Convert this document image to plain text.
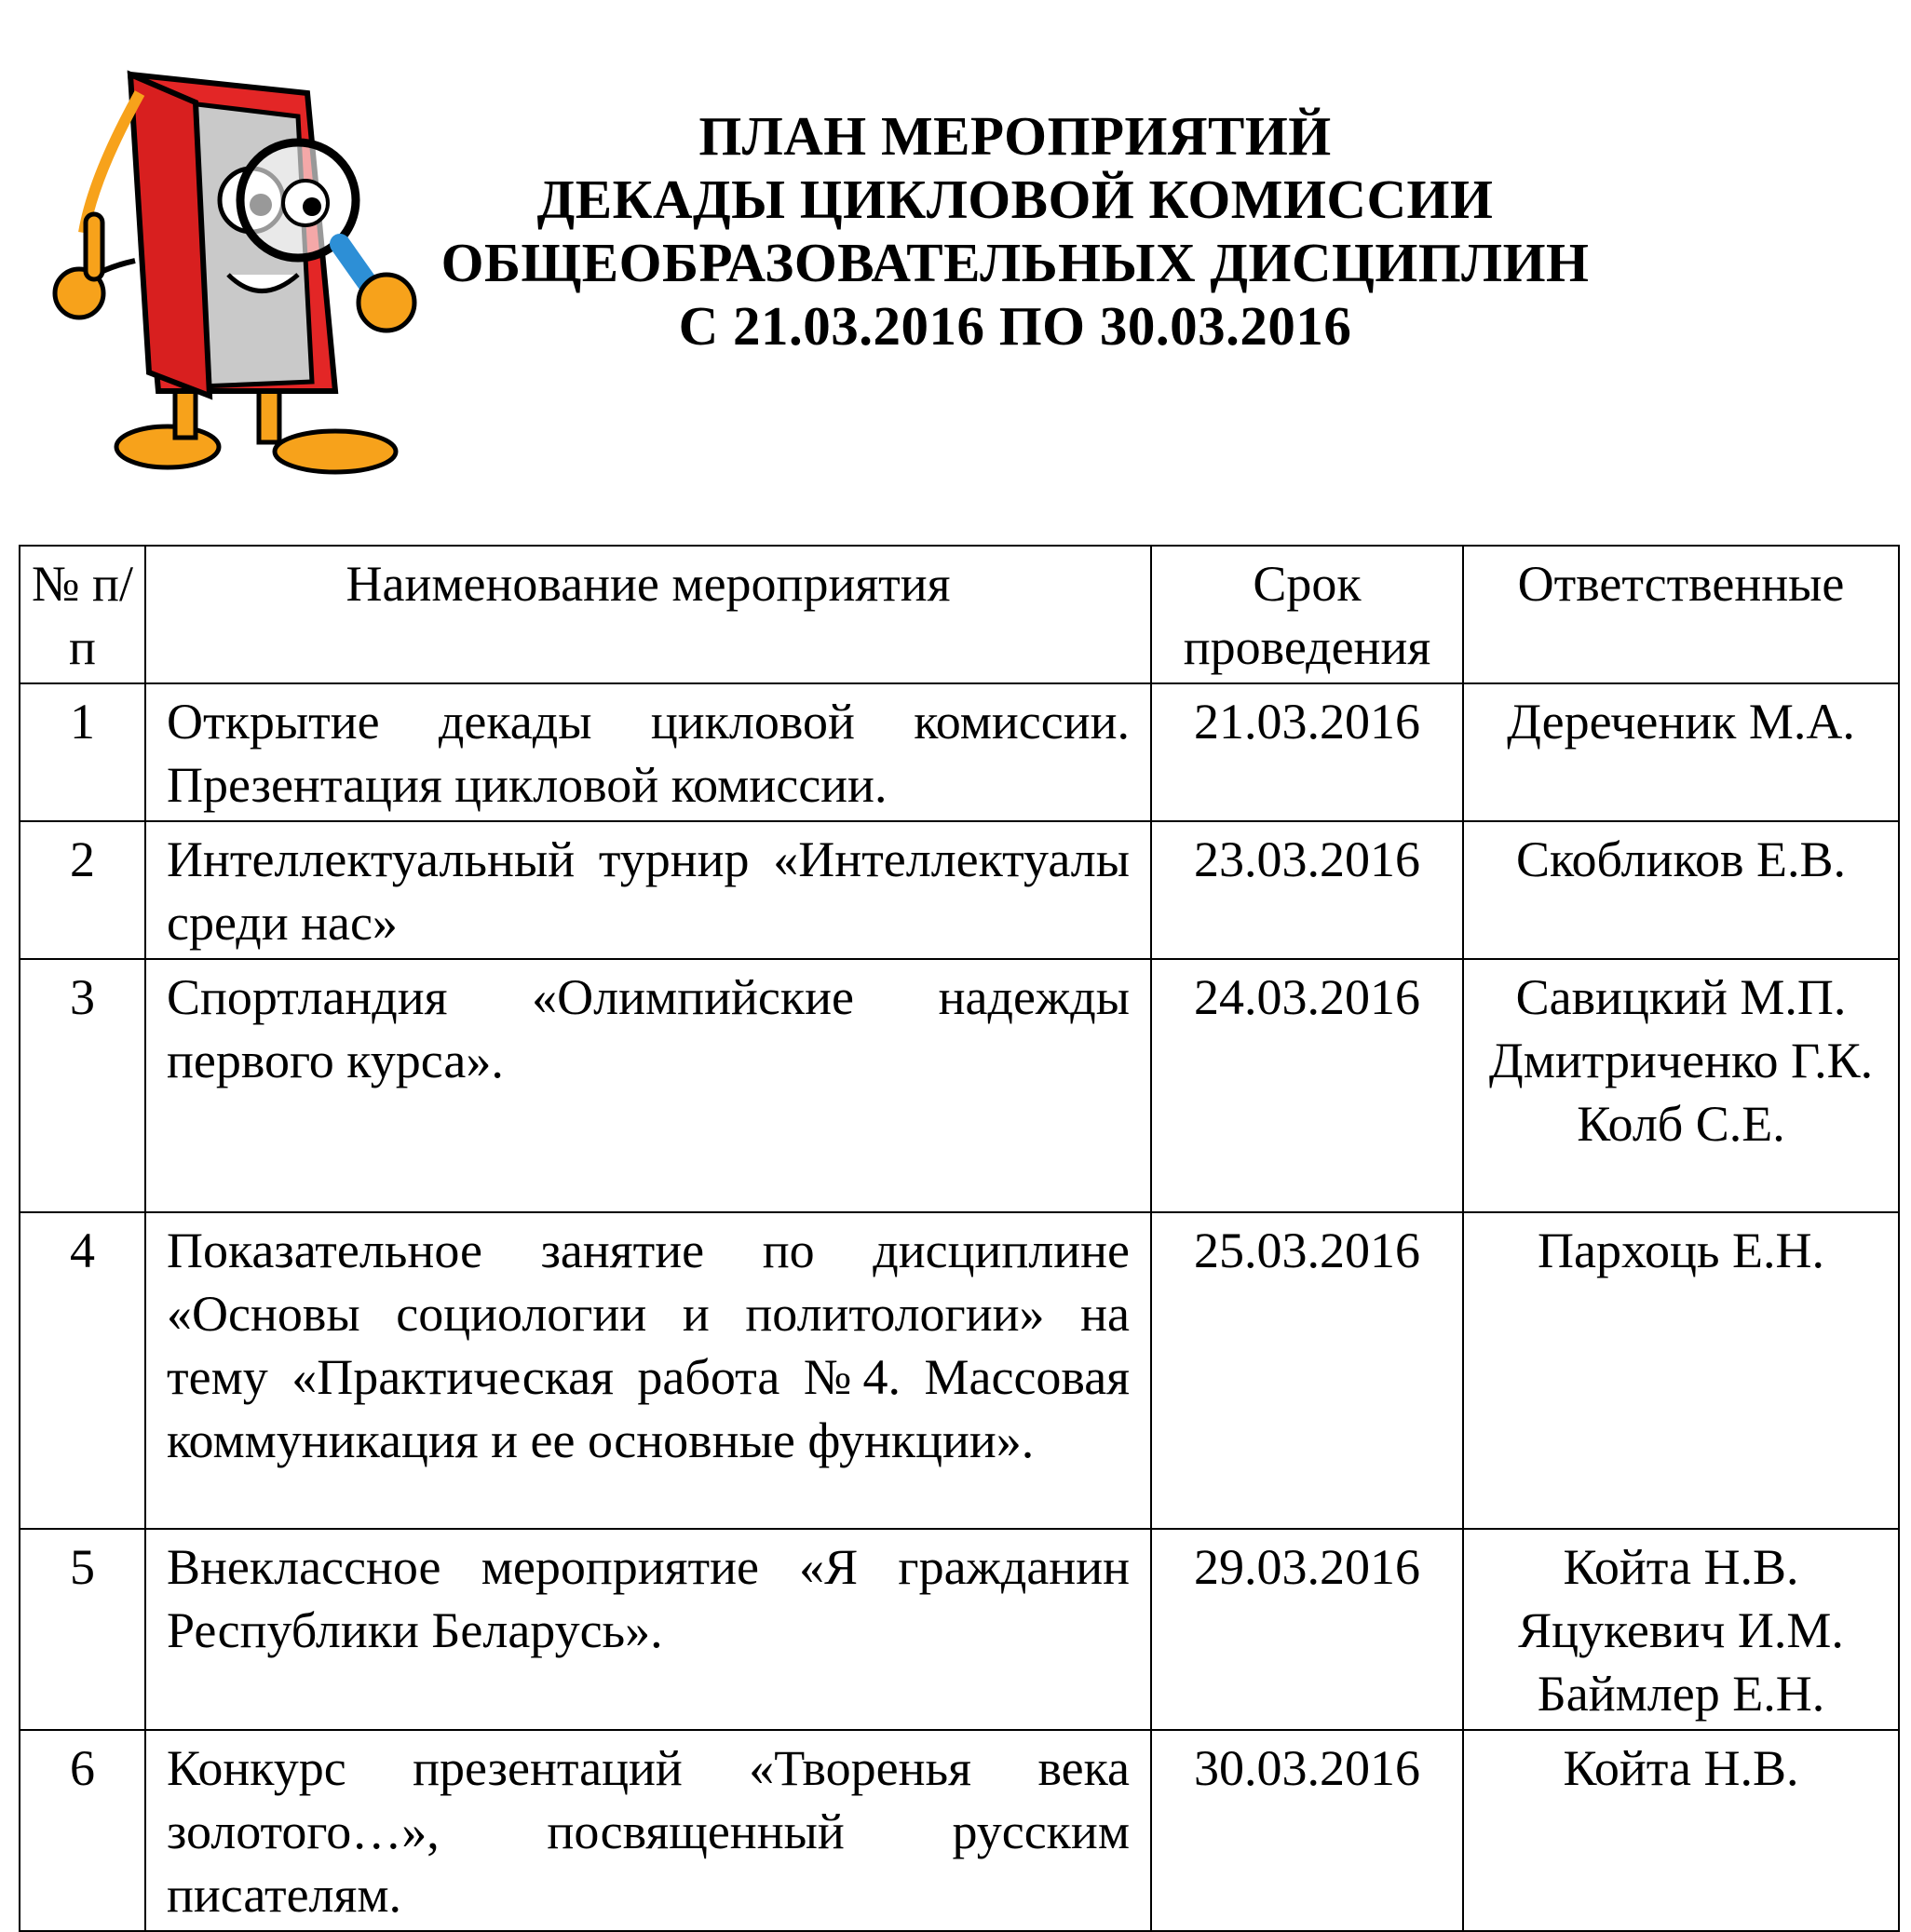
ПЛАН МЕРОПРИЯТИЙ
ДЕКАДЫ ЦИКЛОВОЙ КОМИССИИ
ОБЩЕОБРАЗОВАТЕЛЬНЫХ ДИСЦИПЛИН
С 21.03.2016 ПО 30.03.2016
№ п/п	Наименование мероприятия	Срок проведения	Ответственные
1	Открытие декады цикловой комиссии. Презентация цикловой комиссии.	21.03.2016	Дереченик М.А.

2	Интеллектуальный турнир «Интеллектуалы среди нас»	23.03.2016	Скобликов Е.В.

3	Спортландия «Олимпийские надежды первого курса».	24.03.2016	Савицкий М.П.
Дмитриченко Г.К.
Колб С.Е.

4	Показательное занятие по дисциплине «Основы социологии и политологии» на тему «Практическая работа №4. Массовая коммуникация и ее основные функции».	25.03.2016	Пархоць Е.Н.

5	Внеклассное мероприятие «Я гражданин Республики Беларусь».	29.03.2016	Койта Н.В.
Яцукевич И.М.
Баймлер Е.Н.

6	Конкурс презентаций «Творенья века золотого…», посвященный русским писателям.	30.03.2016	Койта Н.В.
